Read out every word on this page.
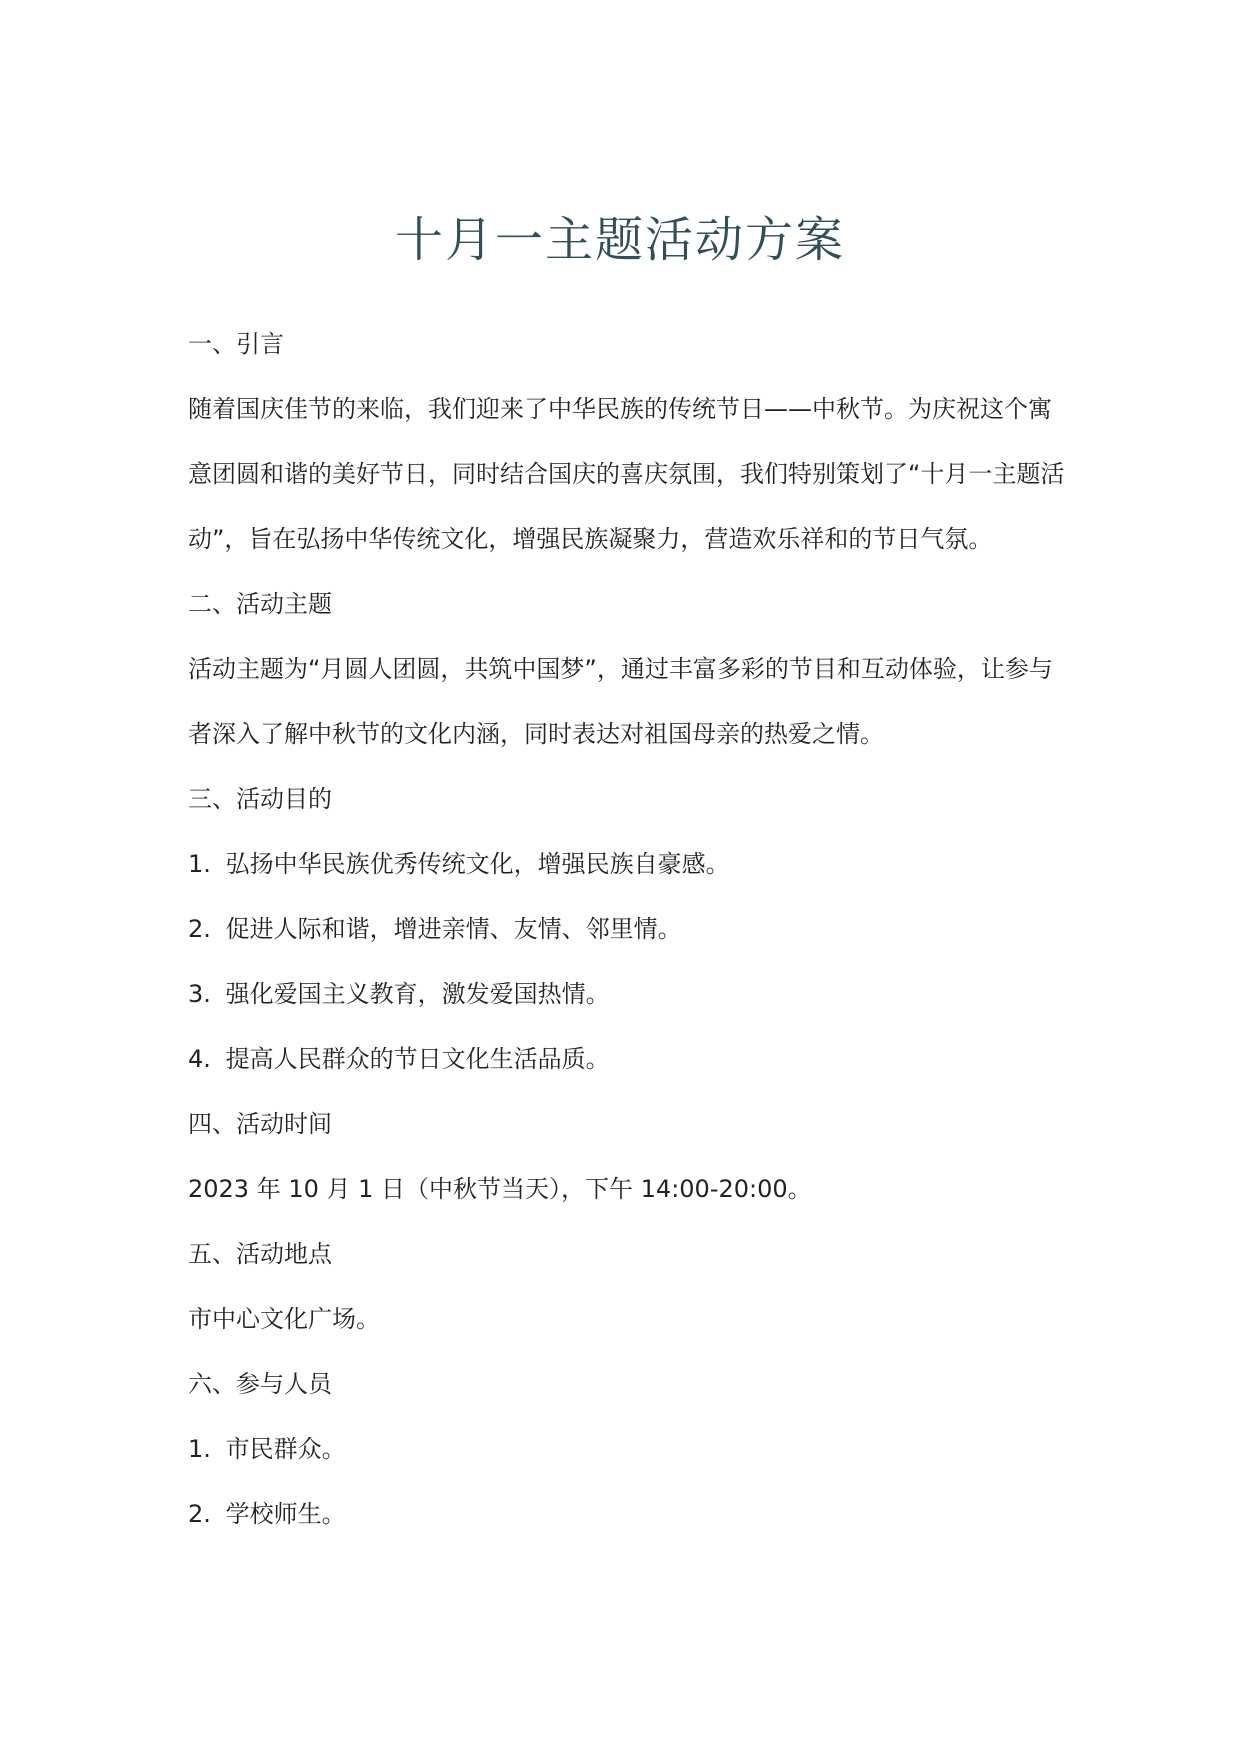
十月一主题活动方案
一、引言

随着国庆佳节的来临，我们迎来了中华民族的传统节日——中秋节。为庆祝这个寓意团圆和谐的美好节日，同时结合国庆的喜庆氛围，我们特别策划了“十月一主题活动”，旨在弘扬中华传统文化，增强民族凝聚力，营造欢乐祥和的节日气氛。

二、活动主题

活动主题为“月圆人团圆，共筑中国梦”，通过丰富多彩的节目和互动体验，让参与者深入了解中秋节的文化内涵，同时表达对祖国母亲的热爱之情。

三、活动目的
1. 弘扬中华民族优秀传统文化，增强民族自豪感。
2. 促进人际和谐，增进亲情、友情、邻里情。
3. 强化爱国主义教育，激发爱国热情。
4. 提高人民群众的节日文化生活品质。
四、活动时间

2023 年 10 月 1 日（中秋节当天），下午 14:00-20:00。

五、活动地点

市中心文化广场。

六、参与人员
1. 市民群众。
2. 学校师生。
